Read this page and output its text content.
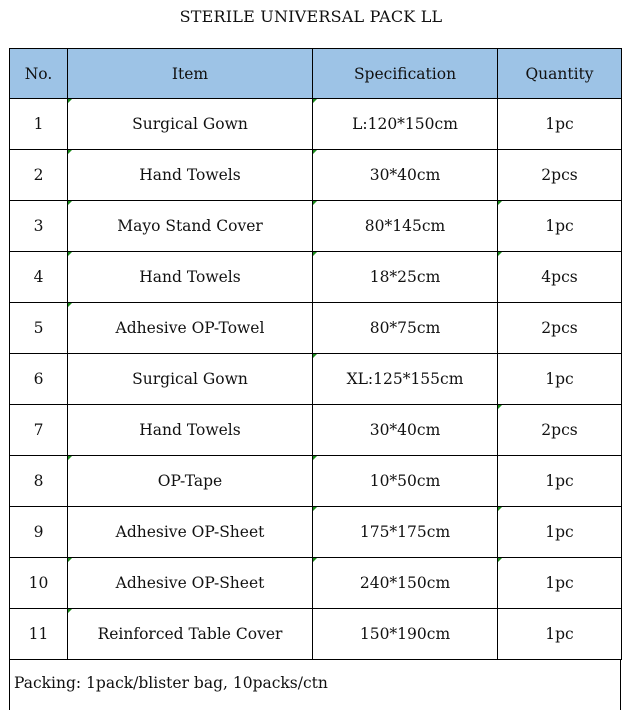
STERILE UNIVERSAL PACK LL
No.	Item	Specification	Quantity
1	Surgical Gown	L:120*150cm	1pc
2	Hand Towels	30*40cm	2pcs
3	Mayo Stand Cover	80*145cm	1pc
4	Hand Towels	18*25cm	4pcs
5	Adhesive OP-Towel	80*75cm	2pcs
6	Surgical Gown	XL:125*155cm	1pc
7	Hand Towels	30*40cm	2pcs
8	OP-Tape	10*50cm	1pc
9	Adhesive OP-Sheet	175*175cm	1pc
10	Adhesive OP-Sheet	240*150cm	1pc
11	Reinforced Table Cover	150*190cm	1pc
Packing: 1pack/blister bag, 10packs/ctn
